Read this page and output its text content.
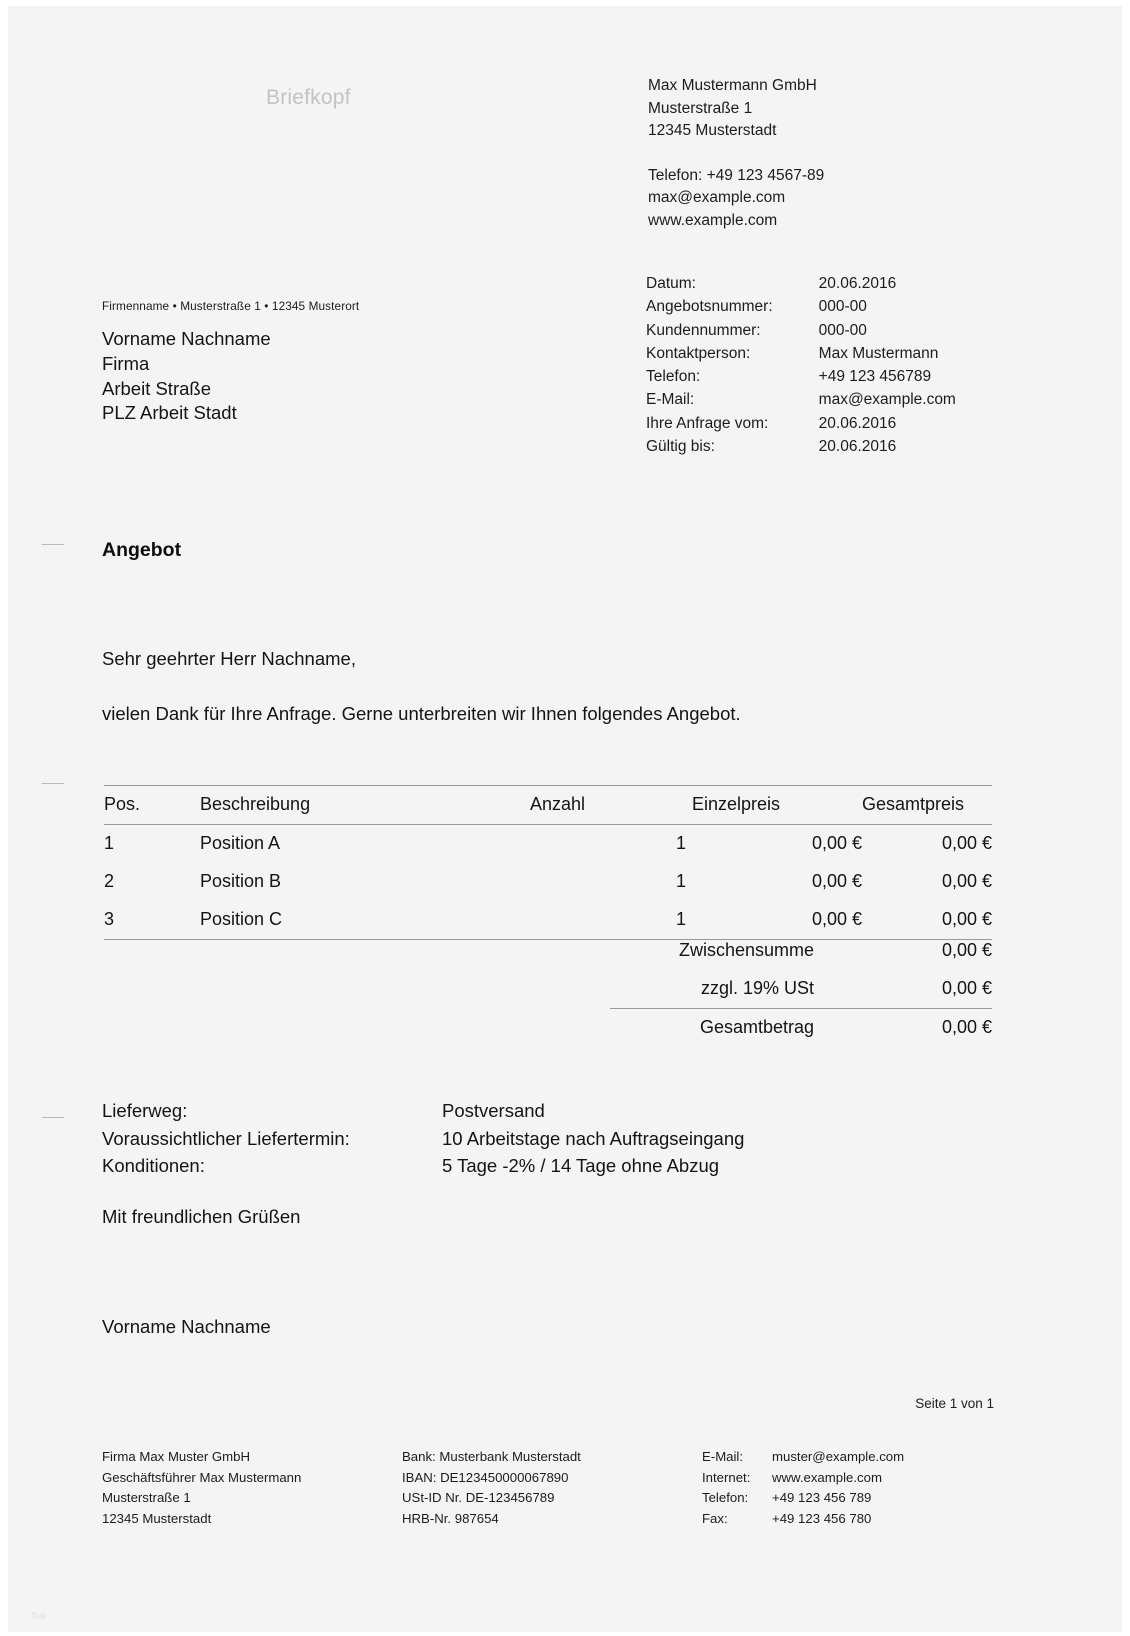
Briefkopf
Max Mustermann GmbH
Musterstraße 1
12345 Musterstadt
Telefon: +49 123 4567-89
max@example.com
www.example.com
Datum:	20.06.2016
Angebotsnummer:	000-00
Kundennummer:	000-00
Kontaktperson:	Max Mustermann
Telefon:	+49 123 456789
E-Mail:	max@example.com
Ihre Anfrage vom:	20.06.2016
Gültig bis:	20.06.2016
Firmenname • Musterstraße 1 • 12345 Musterort
Vorname Nachname
Firma
Arbeit Straße
PLZ Arbeit Stadt
Angebot
Sehr geehrter Herr Nachname,
vielen Dank für Ihre Anfrage. Gerne unterbreiten wir Ihnen folgendes Angebot.
Pos.	Beschreibung	Anzahl	Einzelpreis	Gesamtpreis
1	Position A	1	0,00 €	0,00 €
2	Position B	1	0,00 €	0,00 €
3	Position C	1	0,00 €	0,00 €
Zwischensumme	0,00 €
zzgl. 19% USt	0,00 €
Gesamtbetrag	0,00 €
Lieferweg:	Postversand
Voraussichtlicher Liefertermin:	10 Arbeitstage nach Auftragseingang
Konditionen:	5 Tage -2% / 14 Tage ohne Abzug
Mit freundlichen Grüßen
Vorname Nachname
Seite 1 von 1
Firma Max Muster GmbH
Geschäftsführer Max Mustermann
Musterstraße 1
12345 Musterstadt
Bank: Musterbank Musterstadt
IBAN: DE123450000067890
USt-ID Nr. DE-123456789
HRB-Nr. 987654
E-Mail:	muster@example.com
Internet:	www.example.com
Telefon:	+49 123 456 789
Fax:	+49 123 456 780
flug
